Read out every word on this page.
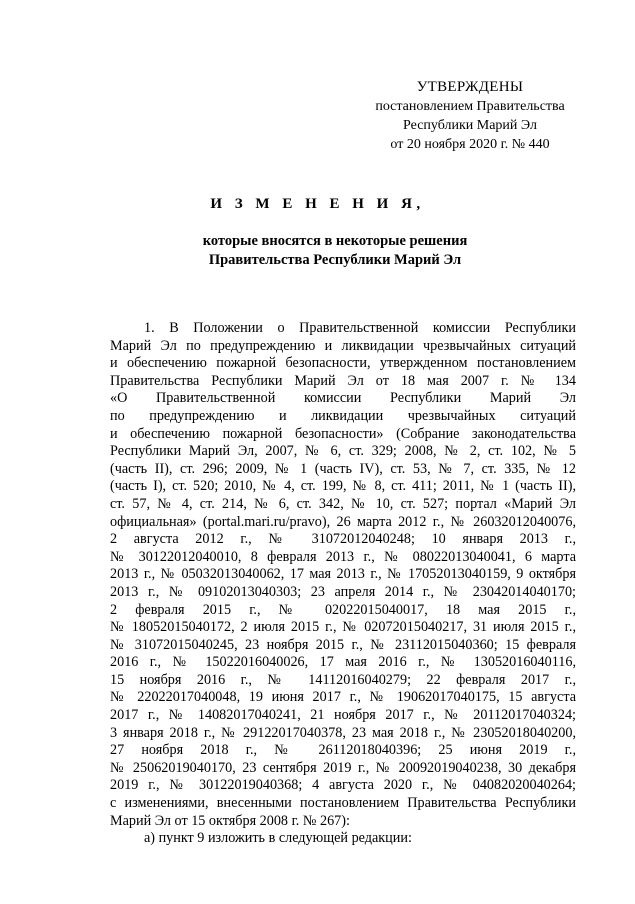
УТВЕРЖДЕНЫ
постановлением Правительства
Республики Марий Эл
от 20 ноября 2020 г. № 440
И З М Е Н Е Н И Я,
которые вносятся в некоторые решения
Правительства Республики Марий Эл
1. В Положении о Правительственной комиссии Республики
Марий Эл по предупреждению и ликвидации чрезвычайных ситуаций
и обеспечению пожарной безопасности, утвержденном постановлением
Правительства Республики Марий Эл от 18 мая 2007 г. № 134
«О Правительственной комиссии Республики Марий Эл
по предупреждению и ликвидации чрезвычайных ситуаций
и обеспечению пожарной безопасности» (Собрание законодательства
Республики Марий Эл, 2007, № 6, ст. 329; 2008, № 2, ст. 102, № 5
(часть II), ст. 296; 2009, № 1 (часть IV), ст. 53, № 7, ст. 335, № 12
(часть I), ст. 520; 2010, № 4, ст. 199, № 8, ст. 411; 2011, № 1 (часть II),
ст. 57, № 4, ст. 214, № 6, ст. 342, № 10, ст. 527; портал «Марий Эл
официальная» (portal.mari.ru/pravo), 26 марта 2012 г., № 26032012040076,
2 августа 2012 г., № 31072012040248; 10 января 2013 г.,
№ 30122012040010, 8 февраля 2013 г., № 08022013040041, 6 марта
2013 г., № 05032013040062, 17 мая 2013 г., № 17052013040159, 9 октября
2013 г., № 09102013040303; 23 апреля 2014 г., № 23042014040170;
2 февраля 2015 г., № 02022015040017, 18 мая 2015 г.,
№ 18052015040172, 2 июля 2015 г., № 02072015040217, 31 июля 2015 г.,
№ 31072015040245, 23 ноября 2015 г., № 23112015040360; 15 февраля
2016 г., № 15022016040026, 17 мая 2016 г., № 13052016040116,
15 ноября 2016 г., № 14112016040279; 22 февраля 2017 г.,
№ 22022017040048, 19 июня 2017 г., № 19062017040175, 15 августа
2017 г., № 14082017040241, 21 ноября 2017 г., № 20112017040324;
3 января 2018 г., № 29122017040378, 23 мая 2018 г., № 23052018040200,
27 ноября 2018 г., № 26112018040396; 25 июня 2019 г.,
№ 25062019040170, 23 сентября 2019 г., № 20092019040238, 30 декабря
2019 г., № 30122019040368; 4 августа 2020 г., № 04082020040264;
с изменениями, внесенными постановлением Правительства Республики
Марий Эл от 15 октября 2008 г. № 267):
а) пункт 9 изложить в следующей редакции:
